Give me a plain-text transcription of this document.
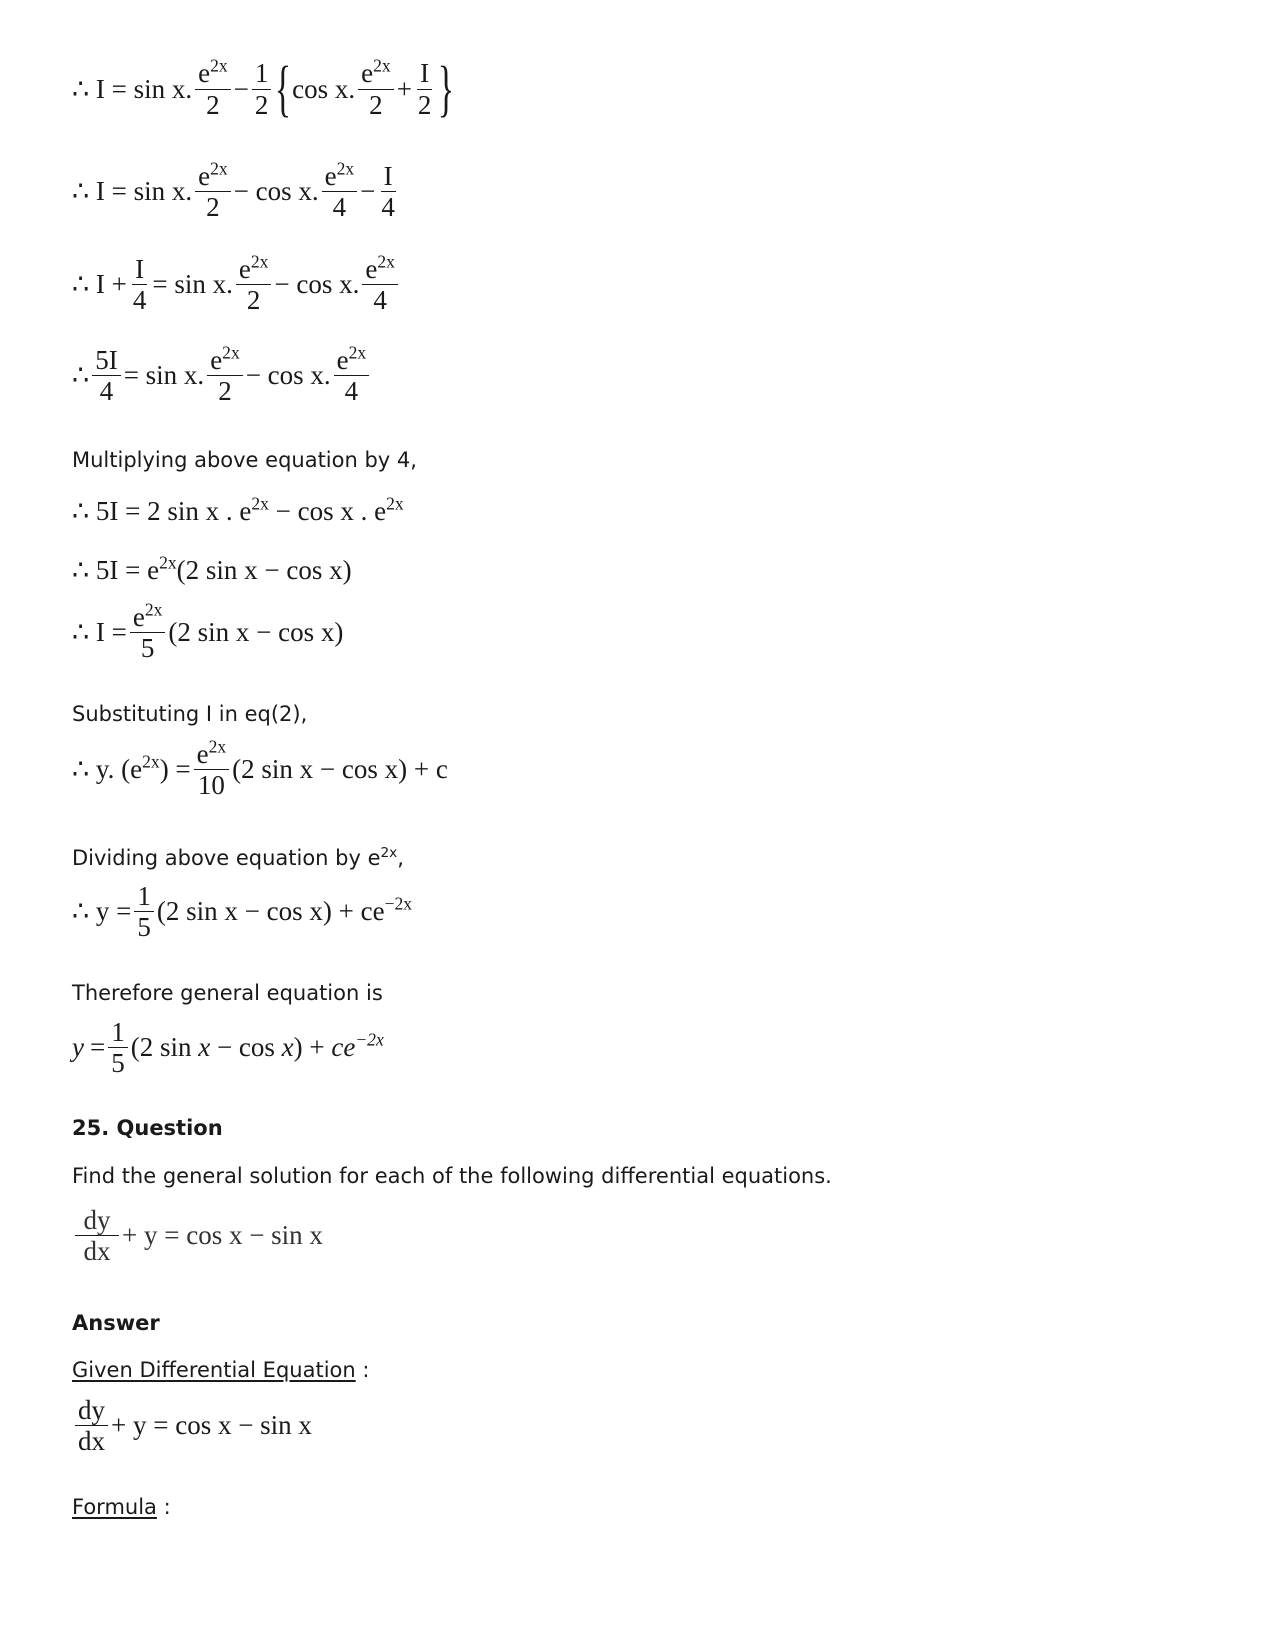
∴ I = sin x. $\frac{e^{2x}}{2} - \frac{1}{2}$ { cos x. $\frac{e^{2x}}{2} + \frac{I}{2}$ }
∴ I = sin x. $\frac{e^{2x}}{2} - \cos x$. $\frac{e^{2x}}{4} - \frac{I}{4}$
∴ $I + \frac{I}{4} = \sin x$. $\frac{e^{2x}}{2} - \cos x$. $\frac{e^{2x}}{4}$
∴ $\frac{5I}{4} = \sin x$. $\frac{e^{2x}}{2} - \cos x$. $\frac{e^{2x}}{4}$
Multiplying above equation by 4,
∴ 5I = 2 sin x . $e^{2x} - \cos x$ . $e^{2x}$
∴ $5I = e^{2x}(2$ sin x − cos x)
∴ $I = \frac{e^{2x}}{5} (2$ sin x − cos x)
Substituting I in eq(2),
∴ y. $(e^{2x}) = \frac{e^{2x}}{10} (2$ sin x − cos x) + c
Dividing above equation by $e^{2x}$,
∴ $y = \frac{1}{5} (2$ $\sin x - \cos x) + ce^{-2x}$
Therefore general equation is
$y = \frac{1}{5} (2$ $\sin x - \cos x) + ce^{-2x}$
25. Question
Find the general solution for each of the following differential equations.
$\frac{dy}{dx} + y = \cos x - \sin x$
Answer
Given Differential Equation :
$\frac{dy}{dx} + y = \cos x - \sin x$
Formula :
